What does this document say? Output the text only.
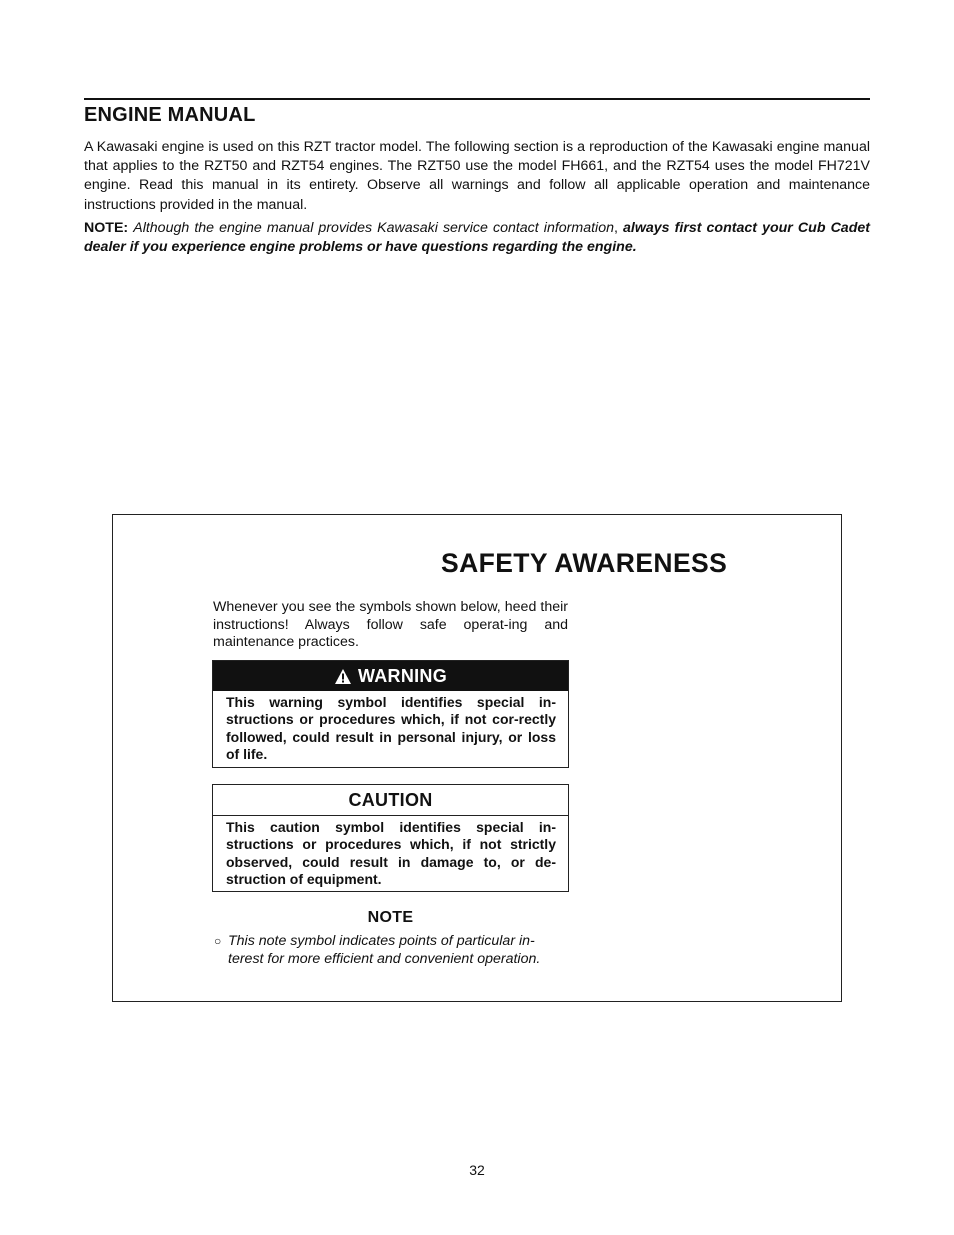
ENGINE MANUAL

A Kawasaki engine is used on this RZT tractor model. The following section is a reproduction of the Kawasaki engine manual that applies to the RZT50 and RZT54 engines. The RZT50 use the model FH661, and the RZT54 uses the model FH721V engine. Read this manual in its entirety. Observe all warnings and follow all applicable operation and maintenance instructions provided in the manual.

NOTE: Although the engine manual provides Kawasaki service contact information, always first contact your Cub Cadet dealer if you experience engine problems or have questions regarding the engine.

SAFETY AWARENESS

Whenever you see the symbols shown below, heed their instructions! Always follow safe operat-ing and maintenance practices.

WARNING
This warning symbol identifies special in-structions or procedures which, if not cor-rectly followed, could result in personal injury, or loss of life.
CAUTION
This caution symbol identifies special in-structions or procedures which, if not strictly observed, could result in damage to, or de-struction of equipment.
NOTE
○ This note symbol indicates points of particular in-
terest for more efficient and convenient operation.
32
